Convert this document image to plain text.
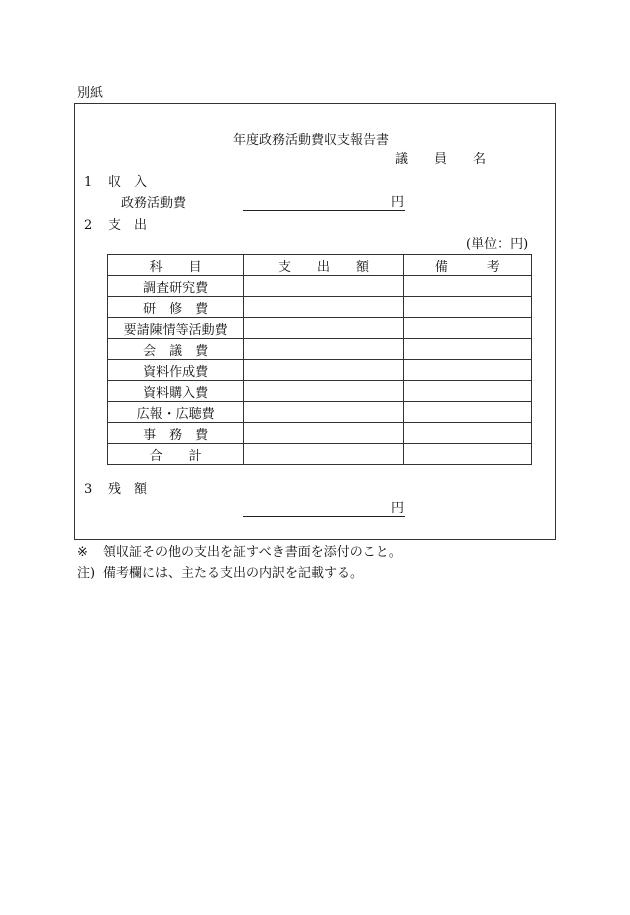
別紙
年度政務活動費収支報告書
議　　員　　名
1 収　入
政務活動費	円
2 支　出
(単位：円)
科　　目	支　　出　　額	備　　　考
調査研究費		
研　修　費		
要請陳情等活動費		
会　議　費		
資料作成費		
資料購入費		
広報・広聴費		
事　務　費		
合　　計		
3 残　額
円
※ 領収証その他の支出を証すべき書面を添付のこと。
注) 備考欄には、主たる支出の内訳を記載する。
